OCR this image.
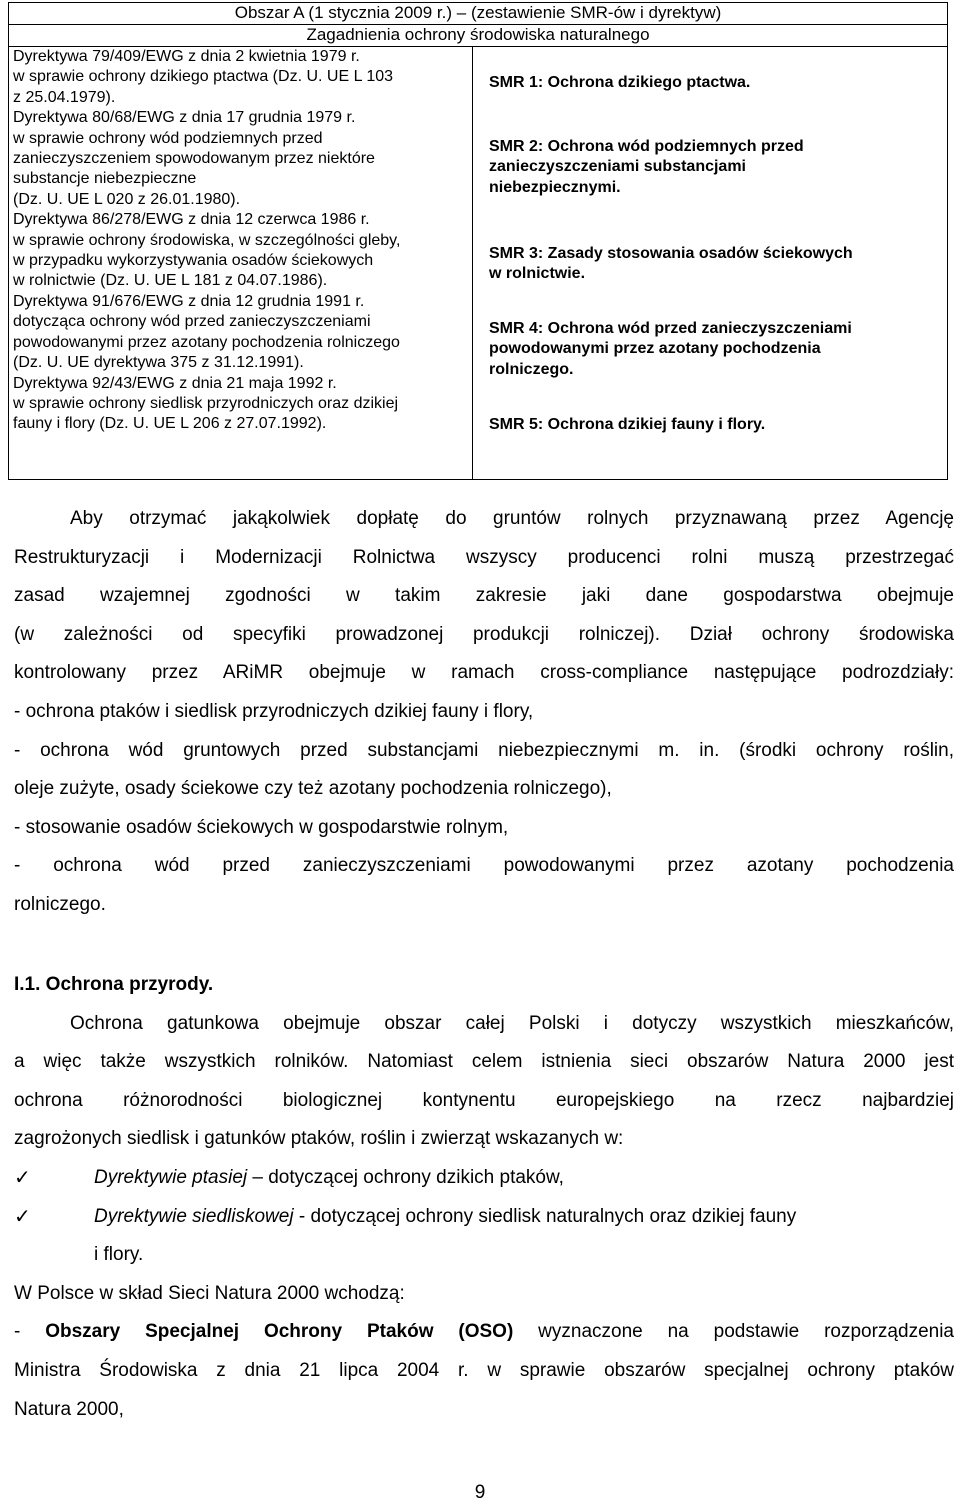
Obszar A (1 stycznia 2009 r.) – (zestawienie SMR-ów i dyrektyw)
Zagadnienia ochrony środowiska naturalnego
Dyrektywa 79/409/EWG z dnia 2 kwietnia 1979 r.
w sprawie ochrony dzikiego ptactwa (Dz. U. UE L 103
z 25.04.1979).
Dyrektywa 80/68/EWG z dnia 17 grudnia 1979 r.
w sprawie ochrony wód podziemnych przed
zanieczyszczeniem spowodowanym przez niektóre
substancje niebezpieczne
(Dz. U. UE L 020 z 26.01.1980).
Dyrektywa 86/278/EWG z dnia 12 czerwca 1986 r.
w sprawie ochrony środowiska, w szczególności gleby,
w przypadku wykorzystywania osadów ściekowych
w rolnictwie (Dz. U. UE L 181 z 04.07.1986).
Dyrektywa 91/676/EWG z dnia 12 grudnia 1991 r.
dotycząca ochrony wód przed zanieczyszczeniami
powodowanymi przez azotany pochodzenia rolniczego
(Dz. U. UE dyrektywa 375 z 31.12.1991).
Dyrektywa 92/43/EWG z dnia 21 maja 1992 r.
w sprawie ochrony siedlisk przyrodniczych oraz dzikiej
fauny i flory (Dz. U. UE L 206 z 27.07.1992).
SMR 1: Ochrona dzikiego ptactwa.
SMR 2: Ochrona wód podziemnych przed
zanieczyszczeniami substancjami
niebezpiecznymi.
SMR 3: Zasady stosowania osadów ściekowych
w rolnictwie.
SMR 4: Ochrona wód przed zanieczyszczeniami
powodowanymi przez azotany pochodzenia
rolniczego.
SMR 5: Ochrona dzikiej fauny i flory.
Aby otrzymać jakąkolwiek dopłatę do gruntów rolnych przyznawaną przez Agencję
Restrukturyzacji i Modernizacji Rolnictwa wszyscy producenci rolni muszą przestrzegać
zasad wzajemnej zgodności w takim zakresie jaki dane gospodarstwa obejmuje
(w zależności od specyfiki prowadzonej produkcji rolniczej). Dział ochrony środowiska
kontrolowany przez ARiMR obejmuje w ramach cross-compliance następujące podrozdziały:
- ochrona ptaków i siedlisk przyrodniczych dzikiej fauny i flory,
- ochrona wód gruntowych przed substancjami niebezpiecznymi m. in. (środki ochrony roślin,
oleje zużyte, osady ściekowe czy też azotany pochodzenia rolniczego),
- stosowanie osadów ściekowych w gospodarstwie rolnym,
- ochrona wód przed zanieczyszczeniami powodowanymi przez azotany pochodzenia
rolniczego.
I.1. Ochrona przyrody.
Ochrona gatunkowa obejmuje obszar całej Polski i dotyczy wszystkich mieszkańców,
a więc także wszystkich rolników. Natomiast celem istnienia sieci obszarów Natura 2000 jest
ochrona różnorodności biologicznej kontynentu europejskiego na rzecz najbardziej
zagrożonych siedlisk i gatunków ptaków, roślin i zwierząt wskazanych w:
✓	Dyrektywie ptasiej – dotyczącej ochrony dzikich ptaków,
✓	Dyrektywie siedliskowej - dotyczącej ochrony siedlisk naturalnych oraz dzikiej fauny
i flory.
W Polsce w skład Sieci Natura 2000 wchodzą:
- Obszary Specjalnej Ochrony Ptaków (OSO) wyznaczone na podstawie rozporządzenia
Ministra Środowiska z dnia 21 lipca 2004 r. w sprawie obszarów specjalnej ochrony ptaków
Natura 2000,
9
